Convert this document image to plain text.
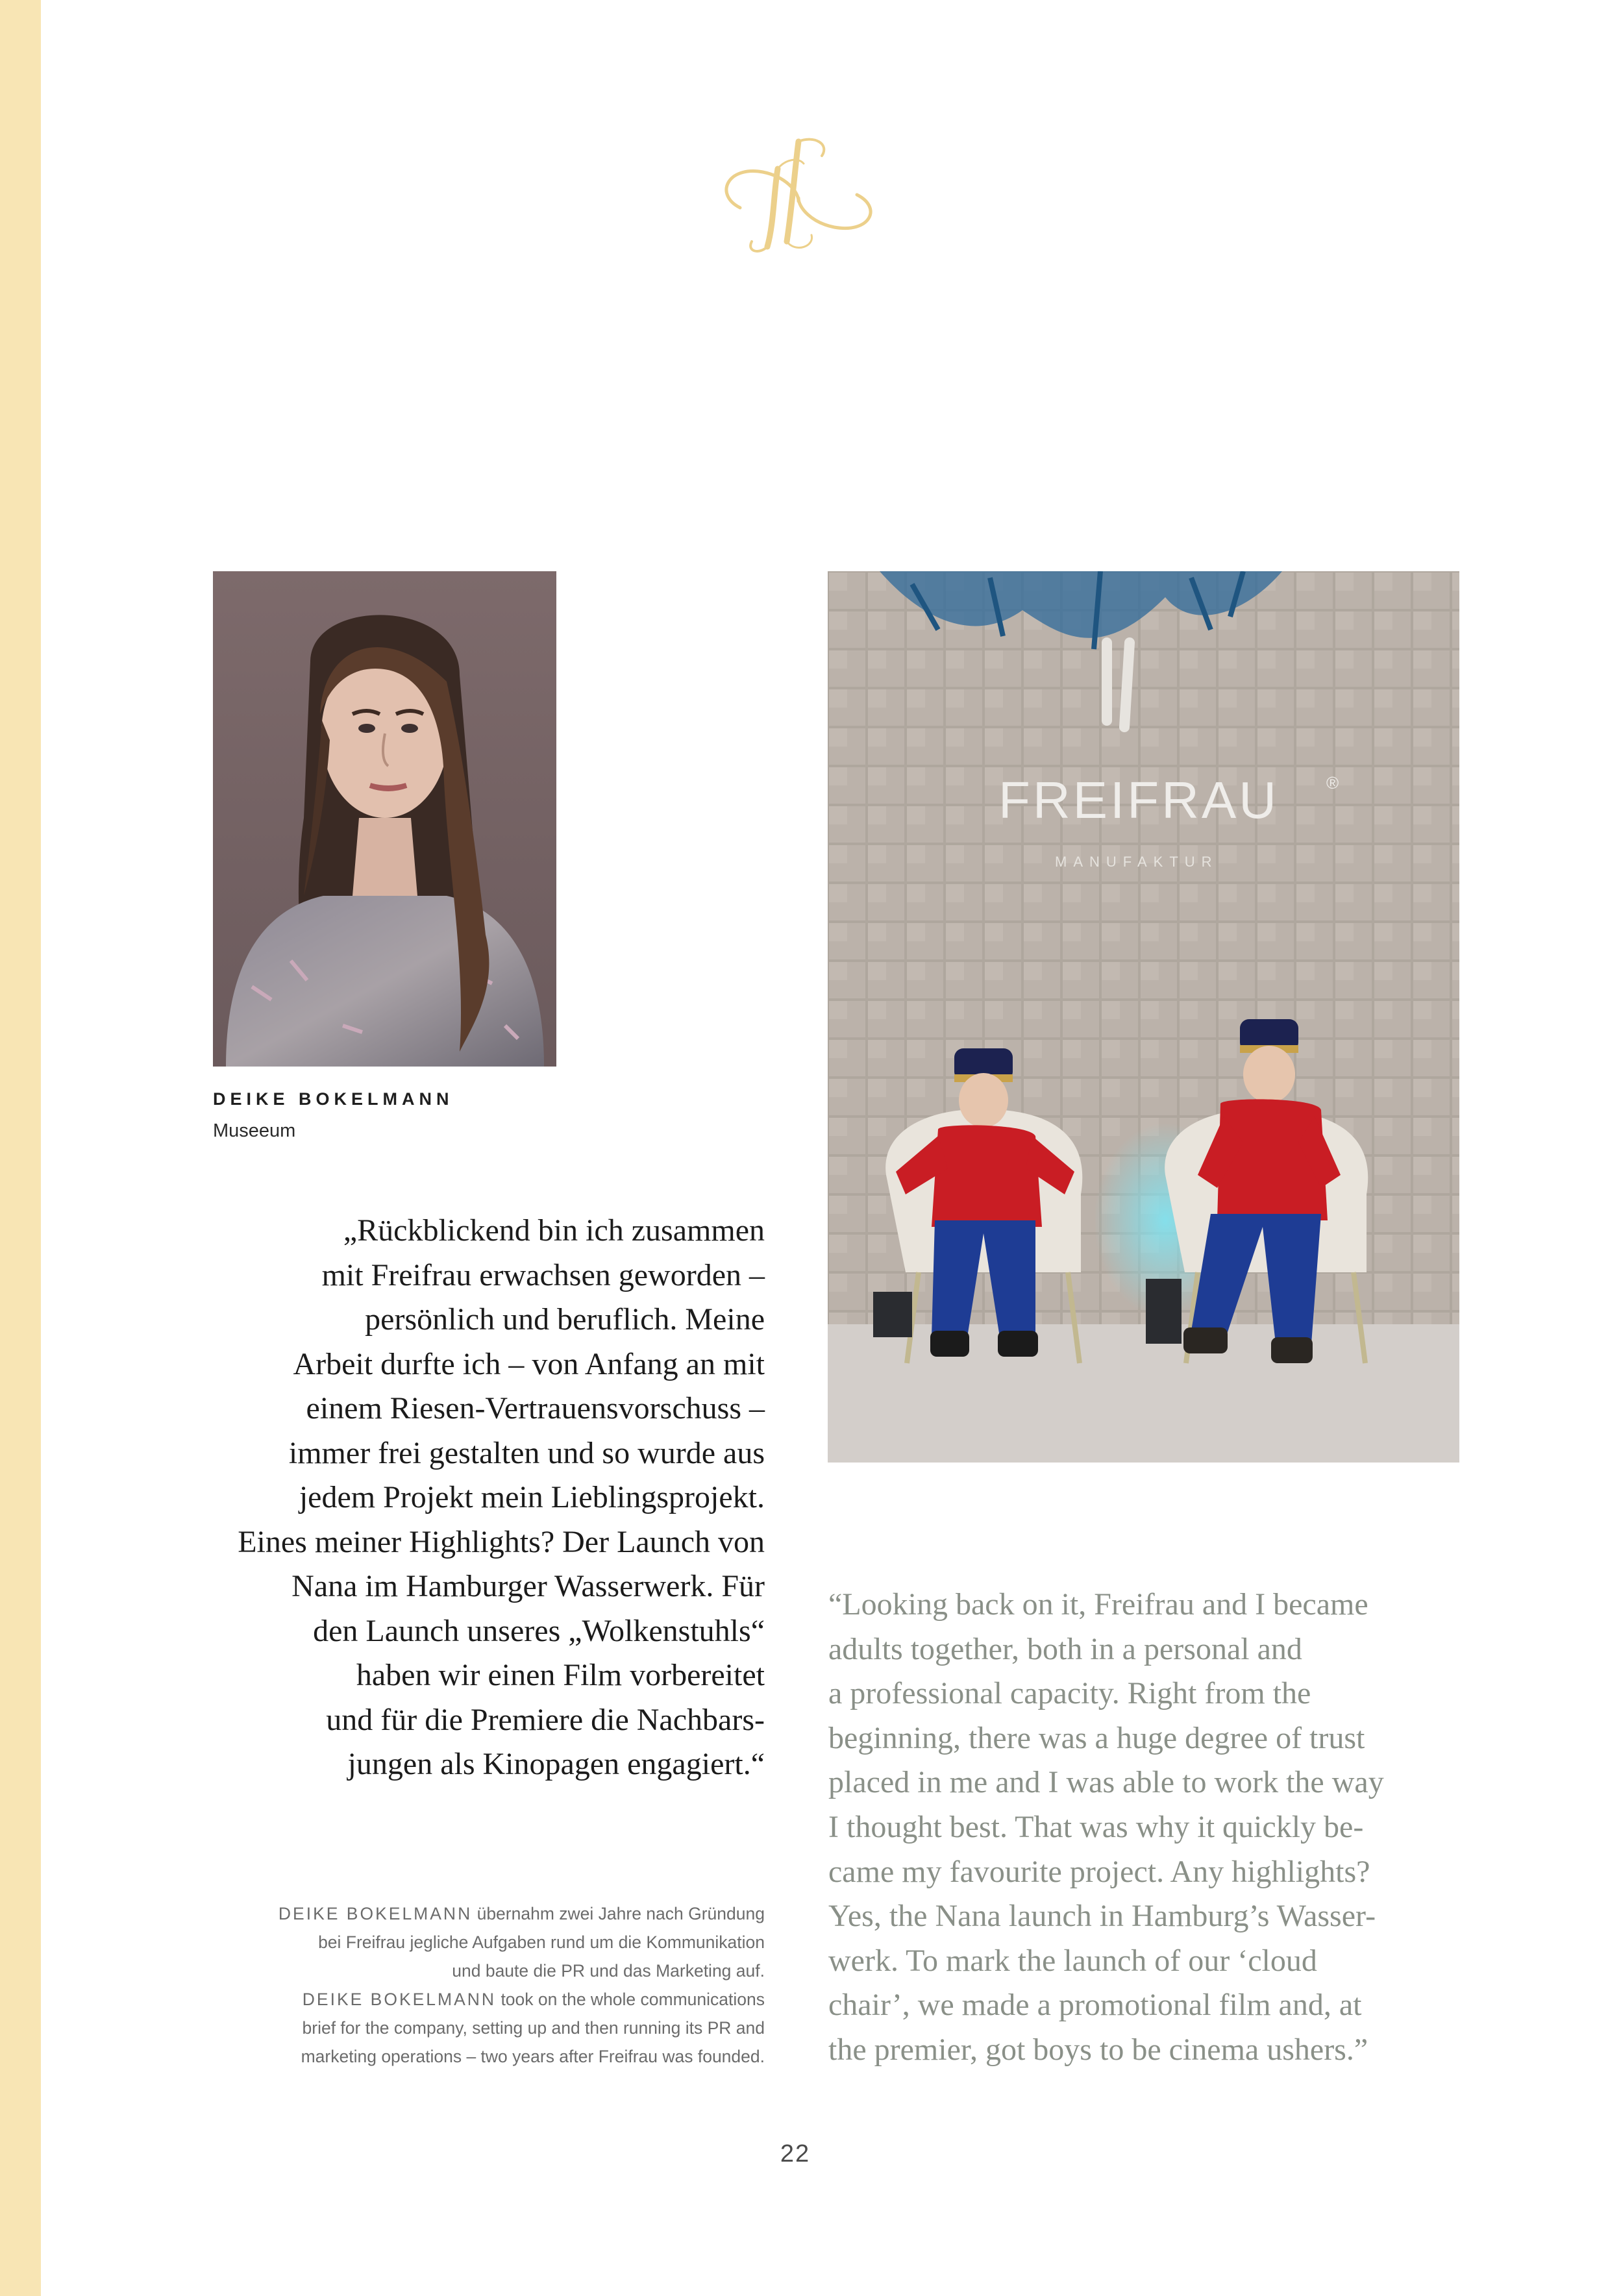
DEIKE BOKELMANN
Museeum

„Rückblickend bin ich zusammen
mit Freifrau erwachsen geworden –
persönlich und beruflich. Meine
Arbeit durfte ich – von Anfang an mit
einem Riesen-Vertrauensvorschuss –
immer frei gestalten und so wurde aus
jedem Projekt mein Lieblingsprojekt.
Eines meiner Highlights? Der Launch von
Nana im Hamburger Wasserwerk. Für
den Launch unseres „Wolkenstuhls“
haben wir einen Film vorbereitet
und für die Premiere die Nachbars-
jungen als Kinopagen engagiert.“

DEIKE BOKELMANN übernahm zwei Jahre nach Gründung
bei Freifrau jegliche Aufgaben rund um die Kommunikation
und baute die PR und das Marketing auf.
DEIKE BOKELMANN took on the whole communications
brief for the company, setting up and then running its PR and
marketing operations – two years after Freifrau was founded.

FREIFRAU	®
MANUFAKTUR

“Looking back on it, Freifrau and I became
adults together, both in a personal and
a professional capacity. Right from the
beginning, there was a huge degree of trust
placed in me and I was able to work the way
I thought best. That was why it quickly be-
came my favourite project. Any highlights?
Yes, the Nana launch in Hamburg’s Wasser-
werk. To mark the launch of our ‘cloud
chair’, we made a promotional film and, at
the premier, got boys to be cinema ushers.”

22
